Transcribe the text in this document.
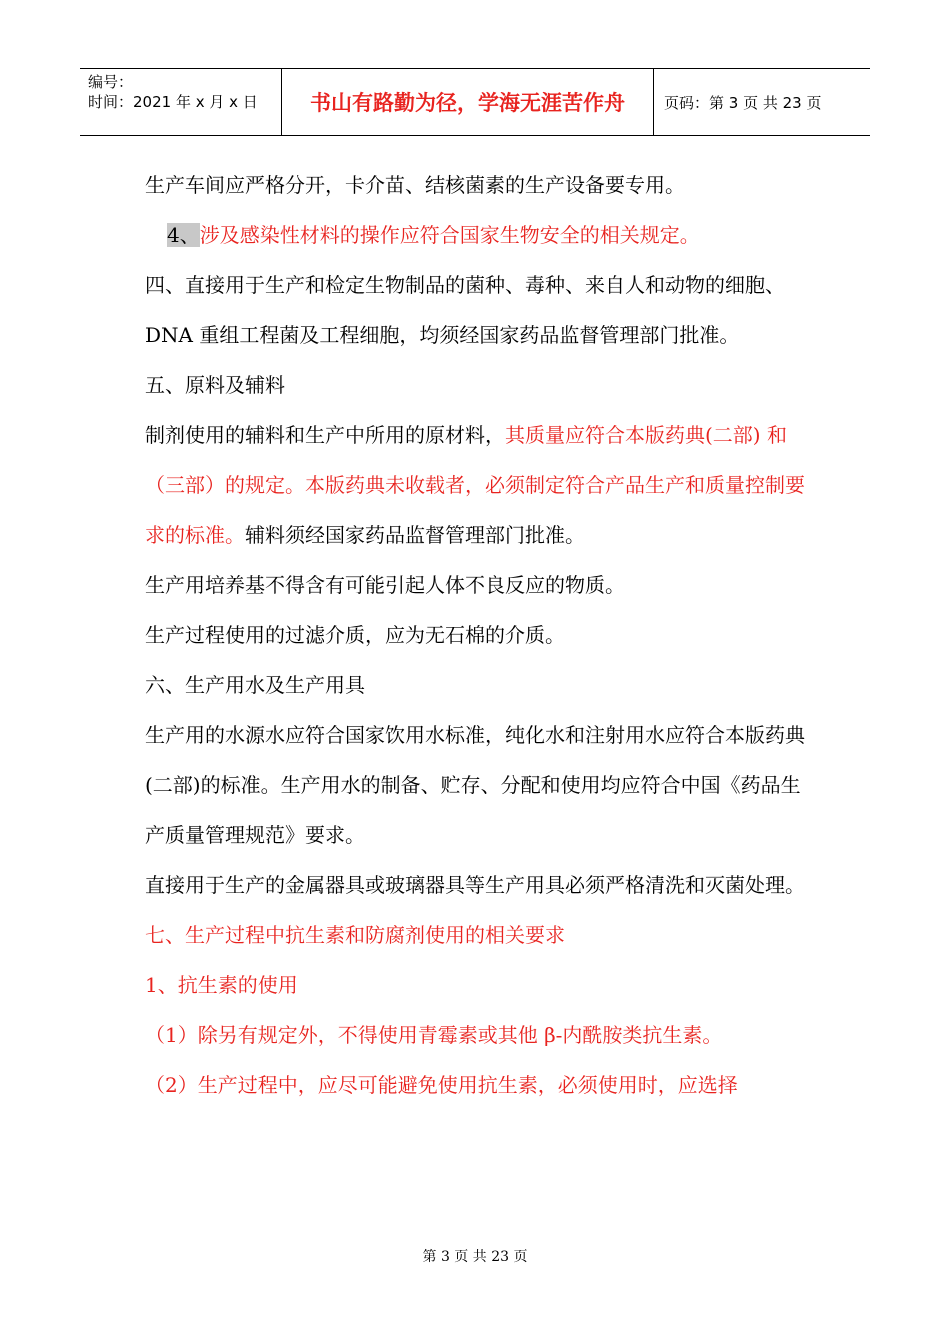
编号：
时间：2021 年 x 月 x 日	书山有路勤为径，学海无涯苦作舟	页码：第 3 页 共 23 页

生产车间应严格分开，卡介苗、结核菌素的生产设备要专用。

4、涉及感染性材料的操作应符合国家生物安全的相关规定。

四、直接用于生产和检定生物制品的菌种、毒种、来自人和动物的细胞、DNA 重组工程菌及工程细胞，均须经国家药品监督管理部门批准。

五、原料及辅料

制剂使用的辅料和生产中所用的原材料，其质量应符合本版药典(二部) 和（三部）的规定。本版药典未收载者，必须制定符合产品生产和质量控制要求的标准。辅料须经国家药品监督管理部门批准。

生产用培养基不得含有可能引起人体不良反应的物质。

生产过程使用的过滤介质，应为无石棉的介质。

六、生产用水及生产用具

生产用的水源水应符合国家饮用水标准，纯化水和注射用水应符合本版药典(二部)的标准。生产用水的制备、贮存、分配和使用均应符合中国《药品生产质量管理规范》要求。

直接用于生产的金属器具或玻璃器具等生产用具必须严格清洗和灭菌处理。

七、生产过程中抗生素和防腐剂使用的相关要求

1、抗生素的使用

（1）除另有规定外，不得使用青霉素或其他 β-内酰胺类抗生素。

（2）生产过程中，应尽可能避免使用抗生素，必须使用时，应选择

第 3 页 共 23 页
